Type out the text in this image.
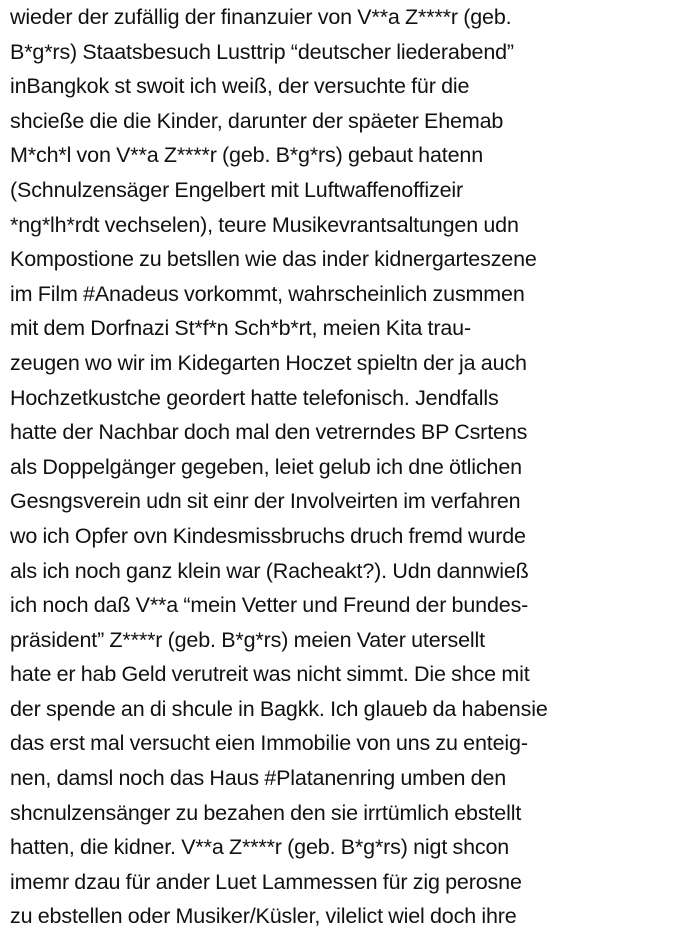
wieder der zufällig der finanzuier von V**a Z****r (geb.
B*g*rs) Staatsbesuch Lusttrip “deutscher liederabend”
inBangkok st swoit ich weiß, der versuchte für die
shcieße die die Kinder, darunter der späeter Ehemab
M*ch*l von V**a Z****r (geb. B*g*rs) gebaut hatenn
(Schnulzensäger Engelbert mit Luftwaffenoffizeir
*ng*lh*rdt vechselen), teure Musikevrantsaltungen udn
Kompostione zu betsllen wie das inder kidnergarteszene
im Film #Anadeus vorkommt, wahrscheinlich zusmmen
mit dem Dorfnazi St*f*n Sch*b*rt, meien Kita trau-
zeugen wo wir im Kidegarten Hoczet spieltn der ja auch
Hochzetkustche geordert hatte telefonisch. Jendfalls
hatte der Nachbar doch mal den vetrerndes BP Csrtens
als Doppelgänger gegeben, leiet gelub ich dne ötlichen
Gesngsverein udn sit einr der Involveirten im verfahren
wo ich Opfer ovn Kindesmissbruchs druch fremd wurde
als ich noch ganz klein war (Racheakt?). Udn dannwieß
ich noch daß V**a “mein Vetter und Freund der bundes-
präsident” Z****r (geb. B*g*rs) meien Vater utersellt
hate er hab Geld verutreit was nicht simmt. Die shce mit
der spende an di shcule in Bagkk. Ich glaueb da habensie
das erst mal versucht eien Immobilie von uns zu enteig-
nen, damsl noch das Haus #Platanenring umben den
shcnulzensänger zu bezahen den sie irrtümlich ebstellt
hatten, die kidner. V**a Z****r (geb. B*g*rs) nigt shcon
imemr dzau für ander Luet Lammessen für zig perosne
zu ebstellen oder Musiker/Küsler, vilelict wiel doch ihre
